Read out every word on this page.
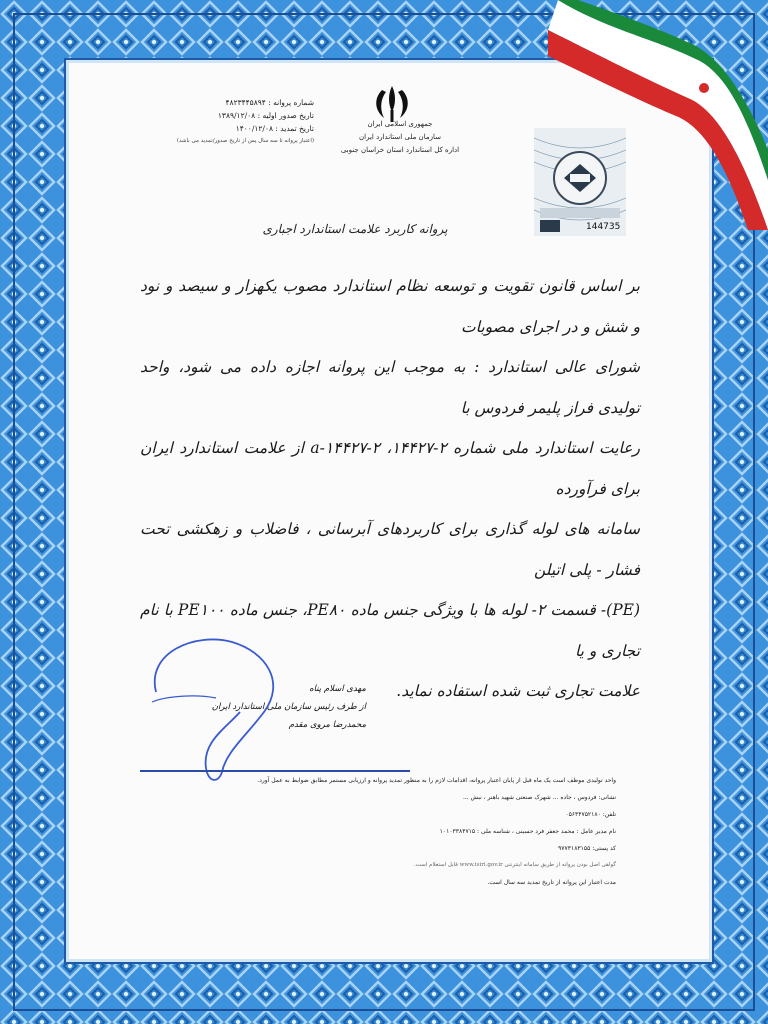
جمهوری اسلامی ایران
سازمان ملی استاندارد ایران
اداره کل استاندارد استان خراسان جنوبی
شماره پروانه : ۴۸۲۳۴۴۵۸۹۴
تاریخ صدور اولیه : ۱۳۸۹/۱۲/۰۸
تاریخ تمدید : ۱۴۰۰/۱۲/۰۸
(اعتبار پروانه تا سه سال پس از تاریخ صدور/تمدید می باشد)
144735
پروانه کاربرد علامت استاندارد اجباری

بر اساس قانون تقویت و توسعه نظام استاندارد مصوب یکهزار و سیصد و نود و شش و در اجرای مصوبات

شورای عالی استاندارد : به موجب این پروانه اجازه داده می شود، واحد تولیدی فراز پلیمر فردوس با

رعایت استاندارد ملی شماره ۲-۱۴۴۲۷، a-۱۴۴۲۷-۲ از علامت استاندارد ایران برای فرآورده

سامانه های لوله گذاری برای کاربردهای آبرسانی ، فاضلاب و زهکشی تحت فشار - پلی اتیلن

(PE)- قسمت ۲- لوله ها با ویژگی جنس ماده PE۸۰، جنس ماده PE۱۰۰ با نام تجاری و یا

علامت تجاری ثبت شده استفاده نماید.

مهدی اسلام پناه
از طرف رئیس سازمان ملی استاندارد ایران
محمدرضا مروی مقدم
واحد تولیدی موظف است یک ماه قبل از پایان اعتبار پروانه، اقدامات لازم را به منظور تمدید پروانه و ارزیابی مستمر مطابق ضوابط به عمل آورد.
نشانی: فردوس ، جاده ... شهرک صنعتی شهید باهنر ، نبش ...
تلفن: ۰۵۶۳۴۷۵۲۱۸۰
نام مدیر عامل : محمد جعفر فرد حسینی ، شناسه ملی : ۱۰۱۰۳۳۸۴۷۱۵
کد پستی: ۹۷۷۳۱۸۳۱۵۵
گواهی اصل بودن پروانه از طریق سامانه اینترنتی www.isiri.gov.ir قابل استعلام است.
مدت اعتبار این پروانه از تاریخ تمدید سه سال است.
